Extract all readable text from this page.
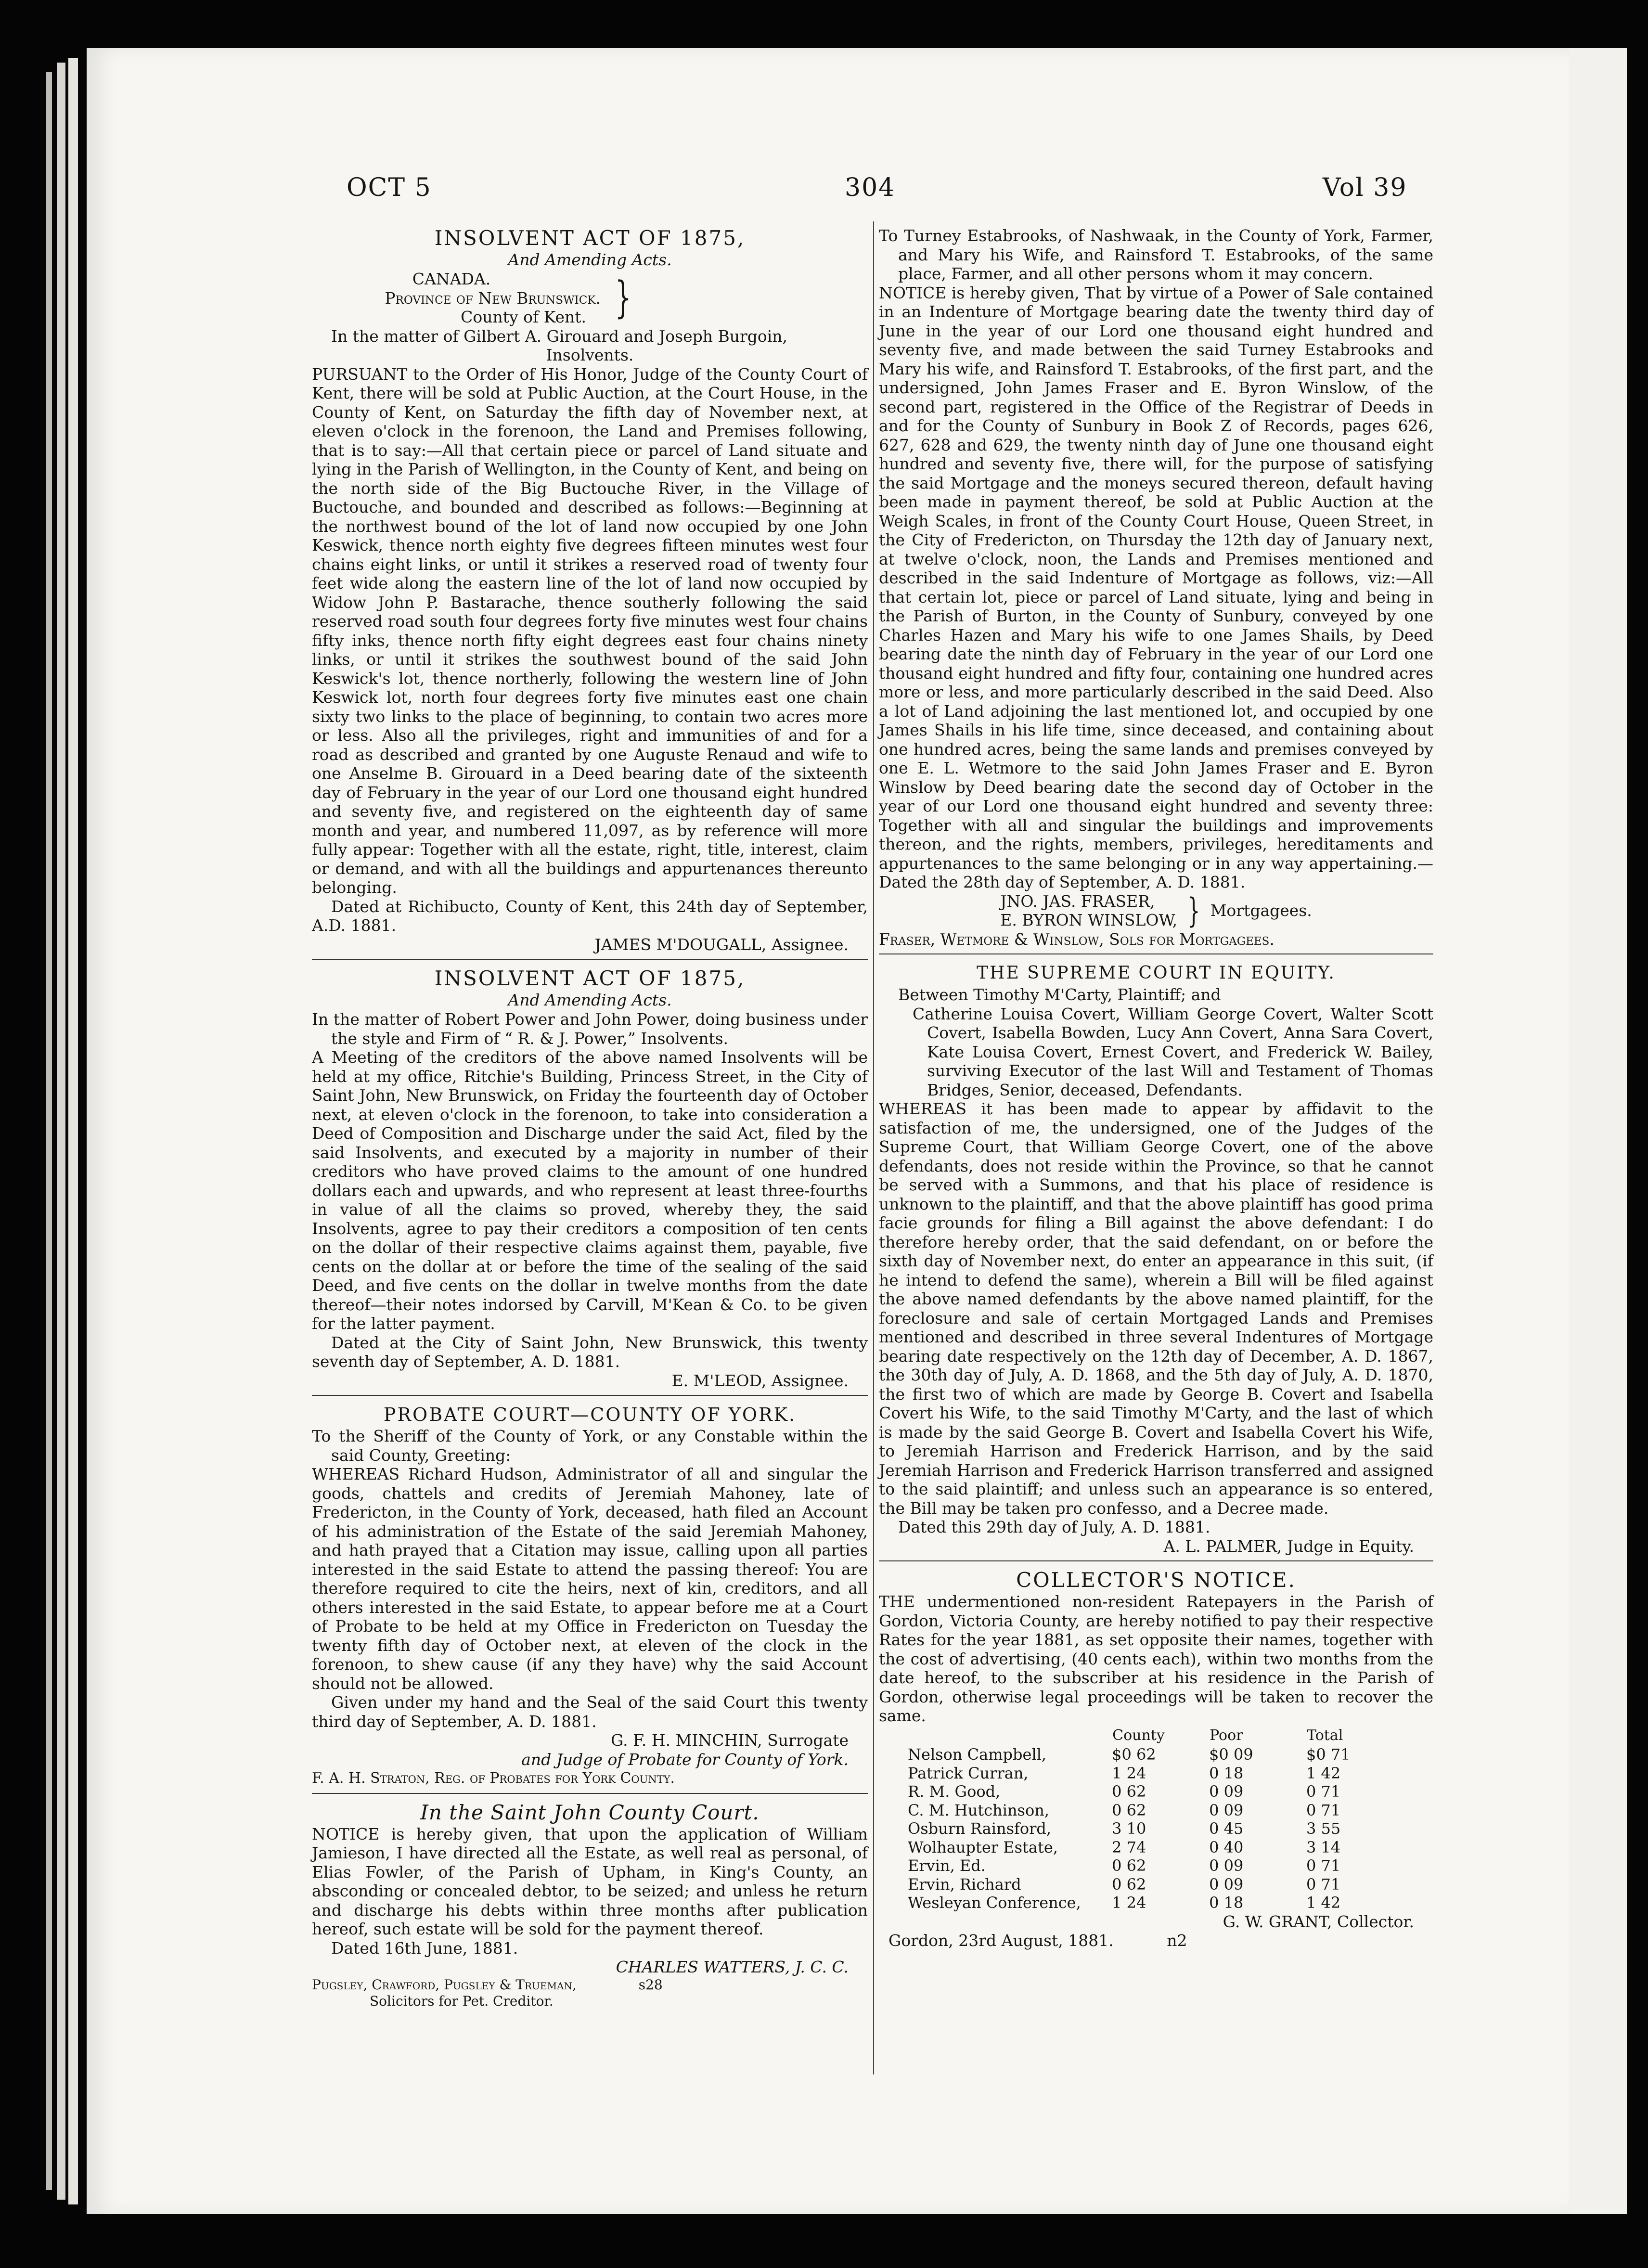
OCT 5	304	Vol 39
INSOLVENT ACT OF 1875,
And Amending Acts.
CANADA.
Province of New Brunswick.
County of Kent. }

In the matter of Gilbert A. Girouard and Joseph Burgoin,

Insolvents.

PURSUANT to the Order of His Honor, Judge of the County Court of Kent, there will be sold at Public Auction, at the Court House, in the County of Kent, on Saturday the fifth day of November next, at eleven o'clock in the forenoon, the Land and Premises following, that is to say:—All that certain piece or parcel of Land situate and lying in the Parish of Wellington, in the County of Kent, and being on the north side of the Big Buctouche River, in the Village of Buctouche, and bounded and described as follows:—Beginning at the northwest bound of the lot of land now occupied by one John Keswick, thence north eighty five degrees fifteen minutes west four chains eight links, or until it strikes a reserved road of twenty four feet wide along the eastern line of the lot of land now occupied by Widow John P. Bastarache, thence southerly following the said reserved road south four degrees forty five minutes west four chains fifty inks, thence north fifty eight degrees east four chains ninety links, or until it strikes the southwest bound of the said John Keswick's lot, thence northerly, following the western line of John Keswick lot, north four degrees forty five minutes east one chain sixty two links to the place of beginning, to contain two acres more or less. Also all the privileges, right and immunities of and for a road as described and granted by one Auguste Renaud and wife to one Anselme B. Girouard in a Deed bearing date of the sixteenth day of February in the year of our Lord one thousand eight hundred and seventy five, and registered on the eighteenth day of same month and year, and numbered 11,097, as by reference will more fully appear: Together with all the estate, right, title, interest, claim or demand, and with all the buildings and appurtenances thereunto belonging.

Dated at Richibucto, County of Kent, this 24th day of September, A.D. 1881.

JAMES M'DOUGALL, Assignee.

INSOLVENT ACT OF 1875,
And Amending Acts.

In the matter of Robert Power and John Power, doing business under the style and Firm of “ R. & J. Power,” Insolvents.

A Meeting of the creditors of the above named Insolvents will be held at my office, Ritchie's Building, Princess Street, in the City of Saint John, New Brunswick, on Friday the fourteenth day of October next, at eleven o'clock in the forenoon, to take into consideration a Deed of Composition and Discharge under the said Act, filed by the said Insolvents, and executed by a majority in number of their creditors who have proved claims to the amount of one hundred dollars each and upwards, and who represent at least three-fourths in value of all the claims so proved, whereby they, the said Insolvents, agree to pay their creditors a composition of ten cents on the dollar of their respective claims against them, payable, five cents on the dollar at or before the time of the sealing of the said Deed, and five cents on the dollar in twelve months from the date thereof—their notes indorsed by Carvill, M'Kean & Co. to be given for the latter payment.

Dated at the City of Saint John, New Brunswick, this twenty seventh day of September, A. D. 1881.

E. M'LEOD, Assignee.

PROBATE COURT—COUNTY OF YORK.

To the Sheriff of the County of York, or any Constable within the said County, Greeting:

WHEREAS Richard Hudson, Administrator of all and singular the goods, chattels and credits of Jeremiah Mahoney, late of Fredericton, in the County of York, deceased, hath filed an Account of his administration of the Estate of the said Jeremiah Mahoney, and hath prayed that a Citation may issue, calling upon all parties interested in the said Estate to attend the passing thereof: You are therefore required to cite the heirs, next of kin, creditors, and all others interested in the said Estate, to appear before me at a Court of Probate to be held at my Office in Fredericton on Tuesday the twenty fifth day of October next, at eleven of the clock in the forenoon, to shew cause (if any they have) why the said Account should not be allowed.

Given under my hand and the Seal of the said Court this twenty third day of September, A. D. 1881.

G. F. H. MINCHIN, Surrogate

and Judge of Probate for County of York.

F. A. H. Straton, Reg. of Probates for York County.

In the Saint John County Court.

NOTICE is hereby given, that upon the application of William Jamieson, I have directed all the Estate, as well real as personal, of Elias Fowler, of the Parish of Upham, in King's County, an absconding or concealed debtor, to be seized; and unless he return and discharge his debts within three months after publication hereof, such estate will be sold for the payment thereof.

Dated 16th June, 1881.

CHARLES WATTERS, J. C. C.

Pugsley, Crawford, Pugsley & Trueman,	s28

Solicitors for Pet. Creditor.

To Turney Estabrooks, of Nashwaak, in the County of York, Farmer, and Mary his Wife, and Rainsford T. Estabrooks, of the same place, Farmer, and all other persons whom it may concern.

NOTICE is hereby given, That by virtue of a Power of Sale contained in an Indenture of Mortgage bearing date the twenty third day of June in the year of our Lord one thousand eight hundred and seventy five, and made between the said Turney Estabrooks and Mary his wife, and Rainsford T. Estabrooks, of the first part, and the undersigned, John James Fraser and E. Byron Winslow, of the second part, registered in the Office of the Registrar of Deeds in and for the County of Sunbury in Book Z of Records, pages 626, 627, 628 and 629, the twenty ninth day of June one thousand eight hundred and seventy five, there will, for the purpose of satisfying the said Mortgage and the moneys secured thereon, default having been made in payment thereof, be sold at Public Auction at the Weigh Scales, in front of the County Court House, Queen Street, in the City of Fredericton, on Thursday the 12th day of January next, at twelve o'clock, noon, the Lands and Premises mentioned and described in the said Indenture of Mortgage as follows, viz:—All that certain lot, piece or parcel of Land situate, lying and being in the Parish of Burton, in the County of Sunbury, conveyed by one Charles Hazen and Mary his wife to one James Shails, by Deed bearing date the ninth day of February in the year of our Lord one thousand eight hundred and fifty four, containing one hundred acres more or less, and more particularly described in the said Deed. Also a lot of Land adjoining the last mentioned lot, and occupied by one James Shails in his life time, since deceased, and containing about one hundred acres, being the same lands and premises conveyed by one E. L. Wetmore to the said John James Fraser and E. Byron Winslow by Deed bearing date the second day of October in the year of our Lord one thousand eight hundred and seventy three: Together with all and singular the buildings and improvements thereon, and the rights, members, privileges, hereditaments and appurtenances to the same belonging or in any way appertaining.—Dated the 28th day of September, A. D. 1881.

JNO. JAS. FRASER,
E. BYRON WINSLOW, } Mortgagees.

Fraser, Wetmore & Winslow, Sols for Mortgagees.

THE SUPREME COURT IN EQUITY.

Between Timothy M'Carty, Plaintiff; and

Catherine Louisa Covert, William George Covert, Walter Scott Covert, Isabella Bowden, Lucy Ann Covert, Anna Sara Covert, Kate Louisa Covert, Ernest Covert, and Frederick W. Bailey, surviving Executor of the last Will and Testament of Thomas Bridges, Senior, deceased, Defendants.

WHEREAS it has been made to appear by affidavit to the satisfaction of me, the undersigned, one of the Judges of the Supreme Court, that William George Covert, one of the above defendants, does not reside within the Province, so that he cannot be served with a Summons, and that his place of residence is unknown to the plaintiff, and that the above plaintiff has good prima facie grounds for filing a Bill against the above defendant: I do therefore hereby order, that the said defendant, on or before the sixth day of November next, do enter an appearance in this suit, (if he intend to defend the same), wherein a Bill will be filed against the above named defendants by the above named plaintiff, for the foreclosure and sale of certain Mortgaged Lands and Premises mentioned and described in three several Indentures of Mortgage bearing date respectively on the 12th day of December, A. D. 1867, the 30th day of July, A. D. 1868, and the 5th day of July, A. D. 1870, the first two of which are made by George B. Covert and Isabella Covert his Wife, to the said Timothy M'Carty, and the last of which is made by the said George B. Covert and Isabella Covert his Wife, to Jeremiah Harrison and Frederick Harrison, and by the said Jeremiah Harrison and Frederick Harrison transferred and assigned to the said plaintiff; and unless such an appearance is so entered, the Bill may be taken pro confesso, and a Decree made.

Dated this 29th day of July, A. D. 1881.

A. L. PALMER, Judge in Equity.

COLLECTOR'S NOTICE.

THE undermentioned non-resident Ratepayers in the Parish of Gordon, Victoria County, are hereby notified to pay their respective Rates for the year 1881, as set opposite their names, together with the cost of advertising, (40 cents each), within two months from the date hereof, to the subscriber at his residence in the Parish of Gordon, otherwise legal proceedings will be taken to recover the same.

	County	Poor	Total
Nelson Campbell,	$0 62	$0 09	$0 71
Patrick Curran,	1 24	0 18	1 42
R. M. Good,	0 62	0 09	0 71
C. M. Hutchinson,	0 62	0 09	0 71
Osburn Rainsford,	3 10	0 45	3 55
Wolhaupter Estate,	2 74	0 40	3 14
Ervin, Ed.	0 62	0 09	0 71
Ervin, Richard	0 62	0 09	0 71
Wesleyan Conference,	1 24	0 18	1 42

G. W. GRANT, Collector.

Gordon, 23rd August, 1881.	n2
